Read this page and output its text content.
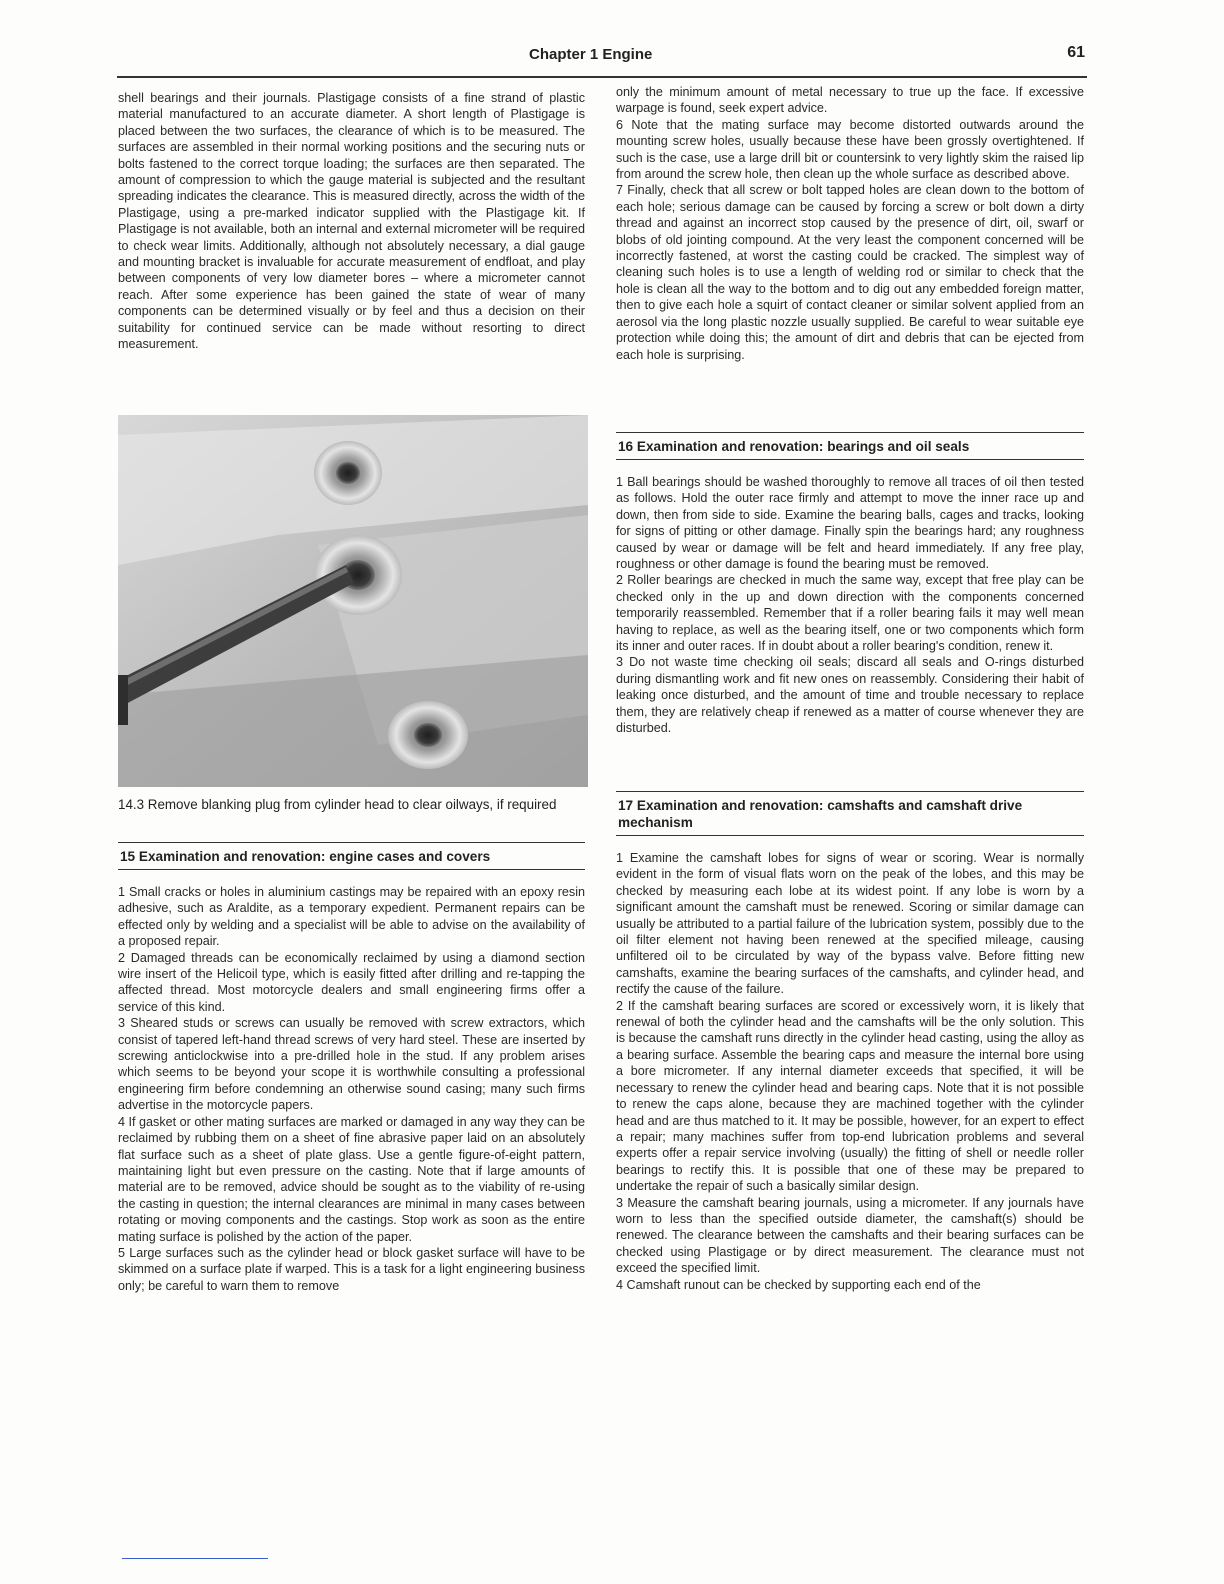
Chapter 1 Engine	61

shell bearings and their journals. Plastigage consists of a fine strand of plastic material manufactured to an accurate diameter. A short length of Plastigage is placed between the two surfaces, the clearance of which is to be measured. The surfaces are assembled in their normal working positions and the securing nuts or bolts fastened to the correct torque loading; the surfaces are then separated. The amount of compression to which the gauge material is subjected and the resultant spreading indicates the clearance. This is measured directly, across the width of the Plastigage, using a pre-marked indicator supplied with the Plastigage kit. If Plastigage is not available, both an internal and external micrometer will be required to check wear limits. Additionally, although not absolutely necessary, a dial gauge and mounting bracket is invaluable for accurate measurement of endfloat, and play between components of very low diameter bores – where a micrometer cannot reach. After some experience has been gained the state of wear of many components can be determined visually or by feel and thus a decision on their suitability for continued service can be made without resorting to direct measurement.

14.3 Remove blanking plug from cylinder head to clear oilways, if required
15 Examination and renovation: engine cases and covers

1 Small cracks or holes in aluminium castings may be repaired with an epoxy resin adhesive, such as Araldite, as a temporary expedient. Permanent repairs can be effected only by welding and a specialist will be able to advise on the availability of a proposed repair.

2 Damaged threads can be economically reclaimed by using a diamond section wire insert of the Helicoil type, which is easily fitted after drilling and re-tapping the affected thread. Most motorcycle dealers and small engineering firms offer a service of this kind.

3 Sheared studs or screws can usually be removed with screw extractors, which consist of tapered left-hand thread screws of very hard steel. These are inserted by screwing anticlockwise into a pre-drilled hole in the stud. If any problem arises which seems to be beyond your scope it is worthwhile consulting a professional engineering firm before condemning an otherwise sound casing; many such firms advertise in the motorcycle papers.

4 If gasket or other mating surfaces are marked or damaged in any way they can be reclaimed by rubbing them on a sheet of fine abrasive paper laid on an absolutely flat surface such as a sheet of plate glass. Use a gentle figure-of-eight pattern, maintaining light but even pressure on the casting. Note that if large amounts of material are to be removed, advice should be sought as to the viability of re-using the casting in question; the internal clearances are minimal in many cases between rotating or moving components and the castings. Stop work as soon as the entire mating surface is polished by the action of the paper.

5 Large surfaces such as the cylinder head or block gasket surface will have to be skimmed on a surface plate if warped. This is a task for a light engineering business only; be careful to warn them to remove

only the minimum amount of metal necessary to true up the face. If excessive warpage is found, seek expert advice.

6 Note that the mating surface may become distorted outwards around the mounting screw holes, usually because these have been grossly overtightened. If such is the case, use a large drill bit or countersink to very lightly skim the raised lip from around the screw hole, then clean up the whole surface as described above.

7 Finally, check that all screw or bolt tapped holes are clean down to the bottom of each hole; serious damage can be caused by forcing a screw or bolt down a dirty thread and against an incorrect stop caused by the presence of dirt, oil, swarf or blobs of old jointing compound. At the very least the component concerned will be incorrectly fastened, at worst the casting could be cracked. The simplest way of cleaning such holes is to use a length of welding rod or similar to check that the hole is clean all the way to the bottom and to dig out any embedded foreign matter, then to give each hole a squirt of contact cleaner or similar solvent applied from an aerosol via the long plastic nozzle usually supplied. Be careful to wear suitable eye protection while doing this; the amount of dirt and debris that can be ejected from each hole is surprising.

16 Examination and renovation: bearings and oil seals

1 Ball bearings should be washed thoroughly to remove all traces of oil then tested as follows. Hold the outer race firmly and attempt to move the inner race up and down, then from side to side. Examine the bearing balls, cages and tracks, looking for signs of pitting or other damage. Finally spin the bearings hard; any roughness caused by wear or damage will be felt and heard immediately. If any free play, roughness or other damage is found the bearing must be removed.

2 Roller bearings are checked in much the same way, except that free play can be checked only in the up and down direction with the components concerned temporarily reassembled. Remember that if a roller bearing fails it may well mean having to replace, as well as the bearing itself, one or two components which form its inner and outer races. If in doubt about a roller bearing's condition, renew it.

3 Do not waste time checking oil seals; discard all seals and O-rings disturbed during dismantling work and fit new ones on reassembly. Considering their habit of leaking once disturbed, and the amount of time and trouble necessary to replace them, they are relatively cheap if renewed as a matter of course whenever they are disturbed.

17 Examination and renovation: camshafts and camshaft drive mechanism

1 Examine the camshaft lobes for signs of wear or scoring. Wear is normally evident in the form of visual flats worn on the peak of the lobes, and this may be checked by measuring each lobe at its widest point. If any lobe is worn by a significant amount the camshaft must be renewed. Scoring or similar damage can usually be attributed to a partial failure of the lubrication system, possibly due to the oil filter element not having been renewed at the specified mileage, causing unfiltered oil to be circulated by way of the bypass valve. Before fitting new camshafts, examine the bearing surfaces of the camshafts, and cylinder head, and rectify the cause of the failure.

2 If the camshaft bearing surfaces are scored or excessively worn, it is likely that renewal of both the cylinder head and the camshafts will be the only solution. This is because the camshaft runs directly in the cylinder head casting, using the alloy as a bearing surface. Assemble the bearing caps and measure the internal bore using a bore micrometer. If any internal diameter exceeds that specified, it will be necessary to renew the cylinder head and bearing caps. Note that it is not possible to renew the caps alone, because they are machined together with the cylinder head and are thus matched to it. It may be possible, however, for an expert to effect a repair; many machines suffer from top-end lubrication problems and several experts offer a repair service involving (usually) the fitting of shell or needle roller bearings to rectify this. It is possible that one of these may be prepared to undertake the repair of such a basically similar design.

3 Measure the camshaft bearing journals, using a micrometer. If any journals have worn to less than the specified outside diameter, the camshaft(s) should be renewed. The clearance between the camshafts and their bearing surfaces can be checked using Plastigage or by direct measurement. The clearance must not exceed the specified limit.

4 Camshaft runout can be checked by supporting each end of the
